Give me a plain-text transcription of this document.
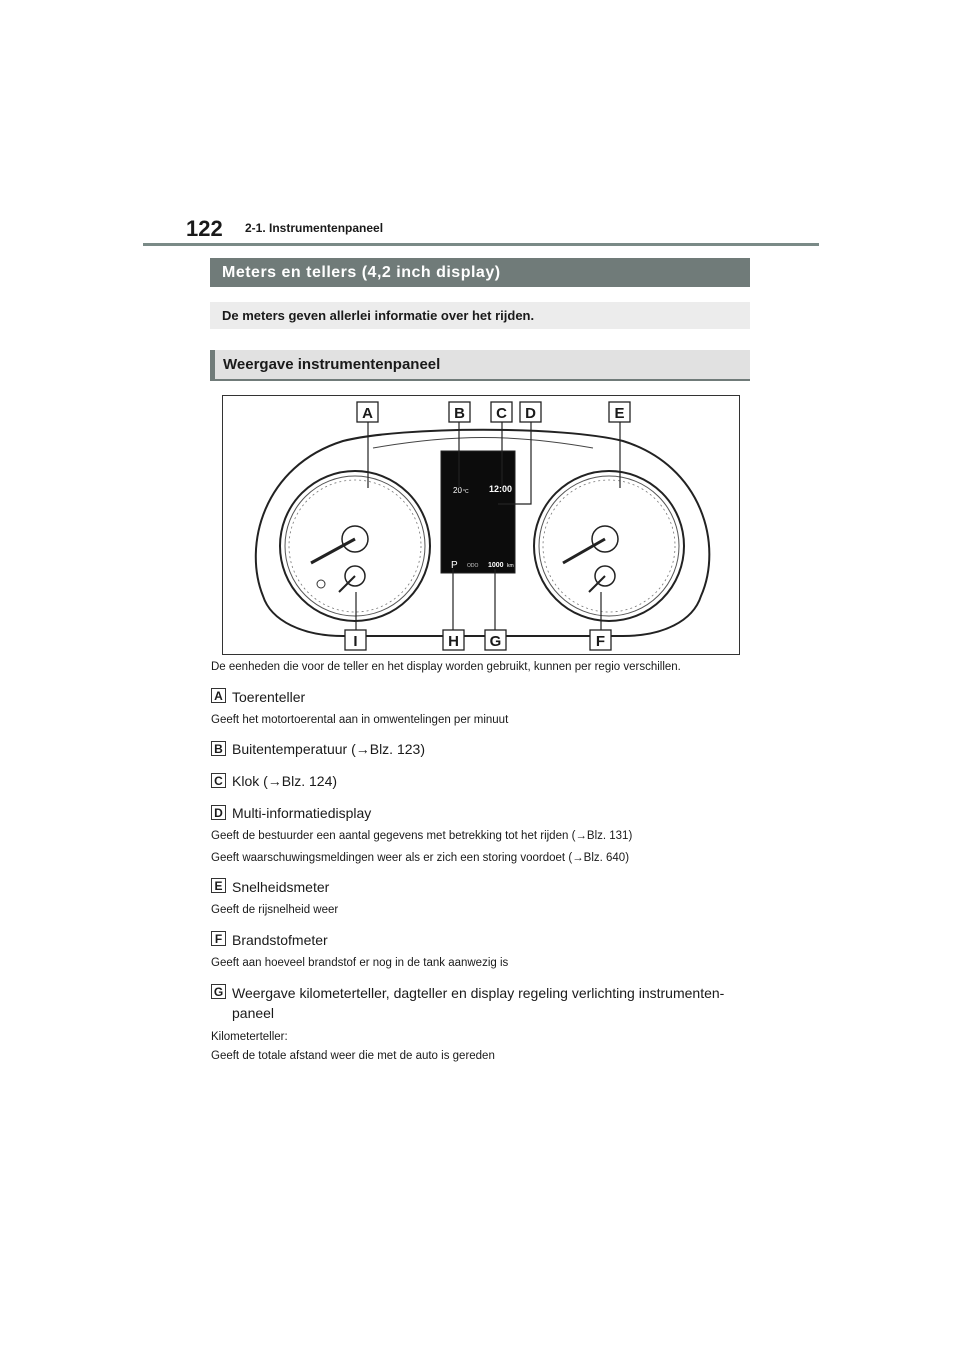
122 2-1. Instrumentenpaneel
Meters en tellers (4,2 inch display)
De meters geven allerlei informatie over het rijden.
Weergave instrumentenpaneel
20 °C 12:00
P ODO 1000 km
A	B C D	E
I	H G	F
De eenheden die voor de teller en het display worden gebruikt, kunnen per regio verschillen.
A Toerenteller
Geeft het motortoerental aan in omwentelingen per minuut
B Buitentemperatuur (→Blz. 123)
C Klok (→Blz. 124)
D Multi-informatiedisplay
Geeft de bestuurder een aantal gegevens met betrekking tot het rijden (→Blz. 131)
Geeft waarschuwingsmeldingen weer als er zich een storing voordoet (→Blz. 640)
E Snelheidsmeter
Geeft de rijsnelheid weer
F Brandstofmeter
Geeft aan hoeveel brandstof er nog in de tank aanwezig is
G Weergave kilometerteller, dagteller en display regeling verlichting instrumenten-paneel
Kilometerteller:
Geeft de totale afstand weer die met de auto is gereden
